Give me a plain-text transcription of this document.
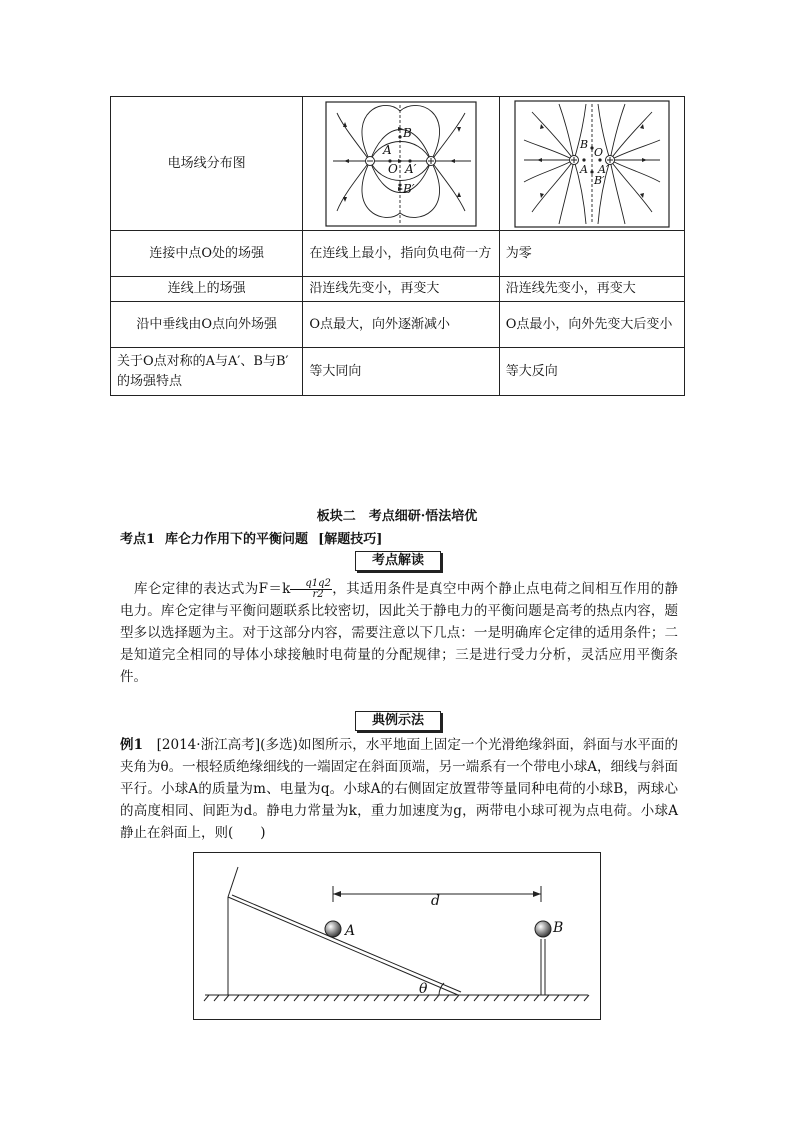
电场线分布图	B
A
O A′
B′	B
O
A A′
B′

连接中点O处的场强	在连线上最小，指向负电荷一方	为零
连线上的场强	沿连线先变小，再变大	沿连线先变小，再变大
沿中垂线由O点向外场强	O点最大，向外逐渐减小	O点最小，向外先变大后变小
关于O点对称的A与A′、B与B′的场强特点	等大同向	等大反向
板块二　考点细研·悟法培优
考点1 库仑力作用下的平衡问题 [解题技巧]
考点解读
库仑定律的表达式为$F=k \frac{q1q2}{r2}$ ，其适用条件是真空中两个静止点电荷之间相互作用的静电力。库仑定律与平衡问题联系比较密切，因此关于静电力的平衡问题是高考的热点内容，题型多以选择题为主。对于这部分内容，需要注意以下几点：一是明确库仑定律的适用条件；二是知道完全相同的导体小球接触时电荷量的分配规律；三是进行受力分析，灵活应用平衡条件。
典例示法
例1　 [2014·浙江高考](多选)如图所示，水平地面上固定一个光滑绝缘斜面，斜面与水平面的夹角为θ。一根轻质绝缘细线的一端固定在斜面顶端，另一端系有一个带电小球A，细线与斜面平行。小球A的质量为m、电量为q。小球A的右侧固定放置带等量同种电荷的小球B，两球心的高度相同、间距为d。静电力常量为k，重力加速度为g，两带电小球可视为点电荷。小球A静止在斜面上，则(　　)
A	B
d
θ
